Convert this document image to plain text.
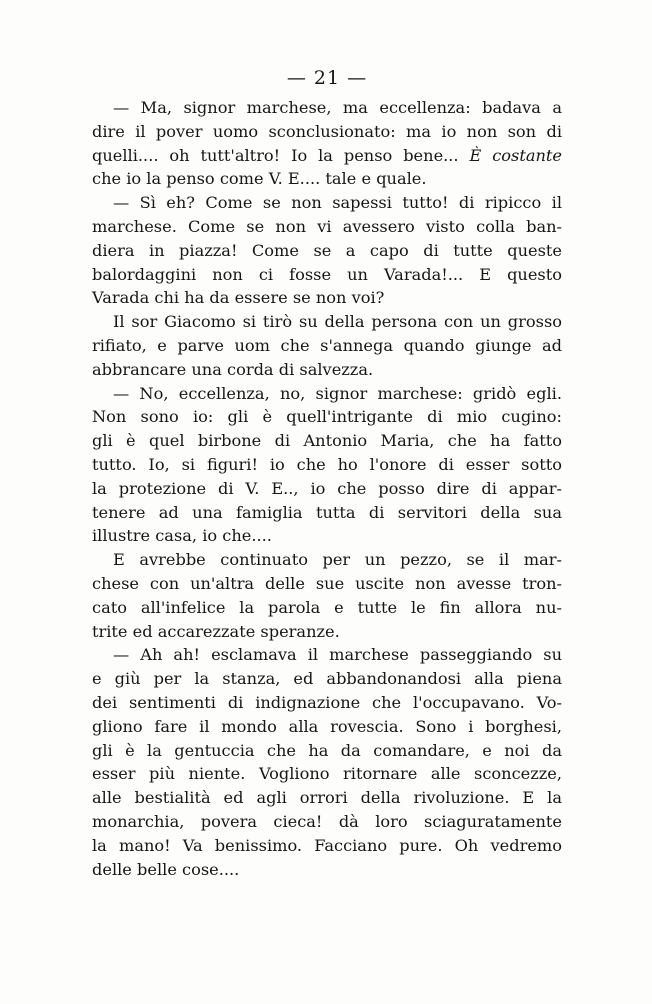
— 21 —
— Ma, signor marchese, ma eccellenza: badava a
dire il pover uomo sconclusionato: ma io non son di
quelli.... oh tutt'altro! Io la penso bene... È costante
che io la penso come V. E.... tale e quale.
— Sì eh? Come se non sapessi tutto! di ripicco il
marchese. Come se non vi avessero visto colla ban-
diera in piazza! Come se a capo di tutte queste
balordaggini non ci fosse un Varada!... E questo
Varada chi ha da essere se non voi?
Il sor Giacomo si tirò su della persona con un grosso
rifiato, e parve uom che s'annega quando giunge ad
abbrancare una corda di salvezza.
— No, eccellenza, no, signor marchese: gridò egli.
Non sono io: gli è quell'intrigante di mio cugino:
gli è quel birbone di Antonio Maria, che ha fatto
tutto. Io, si figuri! io che ho l'onore di esser sotto
la protezione di V. E.., io che posso dire di appar-
tenere ad una famiglia tutta di servitori della sua
illustre casa, io che....
E avrebbe continuato per un pezzo, se il mar-
chese con un'altra delle sue uscite non avesse tron-
cato all'infelice la parola e tutte le fin allora nu-
trite ed accarezzate speranze.
— Ah ah! esclamava il marchese passeggiando su
e giù per la stanza, ed abbandonandosi alla piena
dei sentimenti di indignazione che l'occupavano. Vo-
gliono fare il mondo alla rovescia. Sono i borghesi,
gli è la gentuccia che ha da comandare, e noi da
esser più niente. Vogliono ritornare alle sconcezze,
alle bestialità ed agli orrori della rivoluzione. E la
monarchia, povera cieca! dà loro sciaguratamente
la mano! Va benissimo. Facciano pure. Oh vedremo
delle belle cose....
